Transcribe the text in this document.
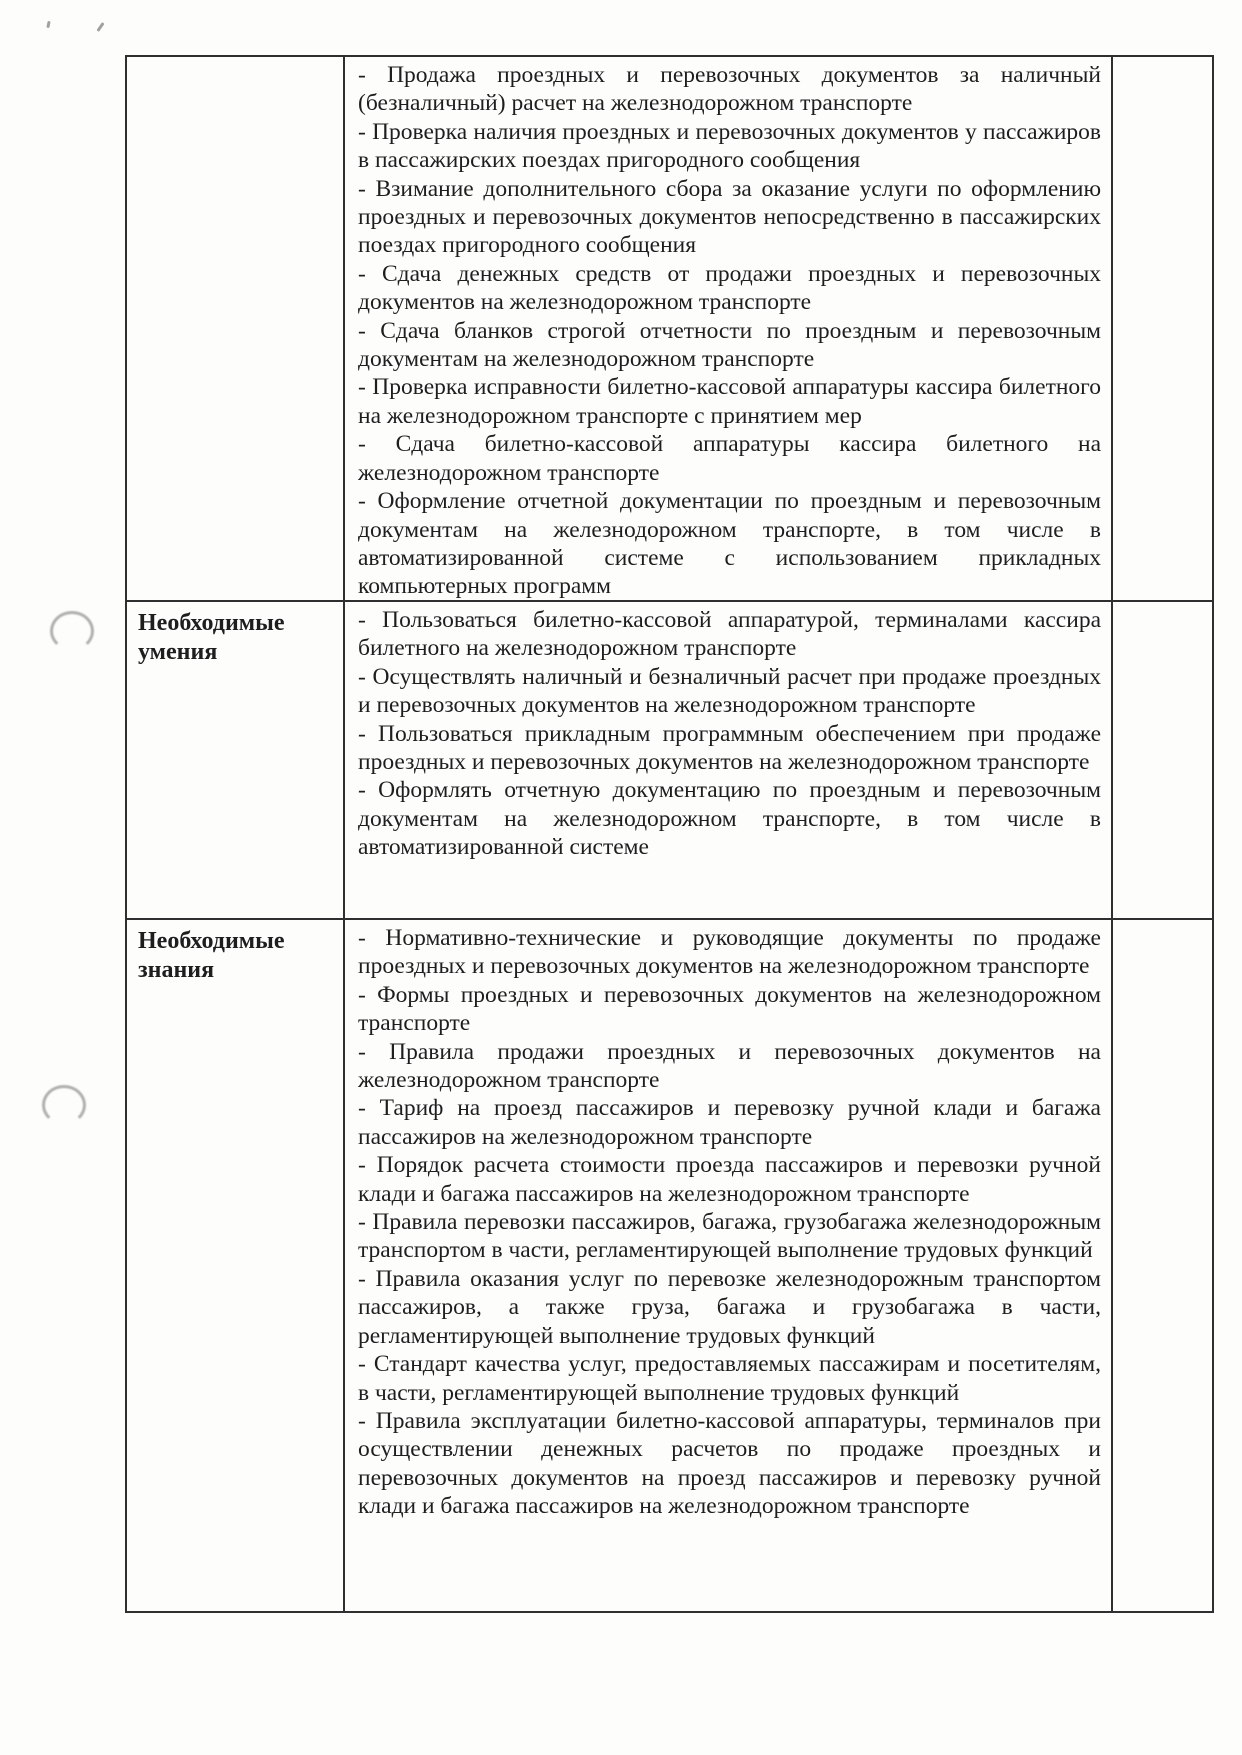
- Продажа проездных и перевозочных документов за наличный (безналичный) расчет на железнодорожном транспорте

- Проверка наличия проездных и перевозочных документов у пассажиров в пассажирских поездах пригородного сообщения

- Взимание дополнительного сбора за оказание услуги по оформлению проездных и перевозочных документов непосредственно в пассажирских поездах пригородного сообщения

- Сдача денежных средств от продажи проездных и перевозочных документов на железнодорожном транспорте

- Сдача бланков строгой отчетности по проездным и перевозочным документам на железнодорожном транспорте

- Проверка исправности билетно-кассовой аппаратуры кассира билетного на железнодорожном транспорте с принятием мер

- Сдача билетно-кассовой аппаратуры кассира билетного на железнодорожном транспорте

- Оформление отчетной документации по проездным и перевозочным документам на железнодорожном транспорте, в том числе в автоматизированной системе с использованием прикладных компьютерных программ

Необходимые умения

- Пользоваться билетно-кассовой аппаратурой, терминалами кассира билетного на железнодорожном транспорте

- Осуществлять наличный и безналичный расчет при продаже проездных и перевозочных документов на железнодорожном транспорте

- Пользоваться прикладным программным обеспечением при продаже проездных и перевозочных документов на железнодорожном транспорте

- Оформлять отчетную документацию по проездным и перевозочным документам на железнодорожном транспорте, в том числе в автоматизированной системе

Необходимые знания

- Нормативно-технические и руководящие документы по продаже проездных и перевозочных документов на железнодорожном транспорте

- Формы проездных и перевозочных документов на железнодорожном транспорте

- Правила продажи проездных и перевозочных документов на железнодорожном транспорте

- Тариф на проезд пассажиров и перевозку ручной клади и багажа пассажиров на железнодорожном транспорте

- Порядок расчета стоимости проезда пассажиров и перевозки ручной клади и багажа пассажиров на железнодорожном транспорте

- Правила перевозки пассажиров, багажа, грузобагажа железнодорожным транспортом в части, регламентирующей выполнение трудовых функций

- Правила оказания услуг по перевозке железнодорожным транспортом пассажиров, а также груза, багажа и грузобагажа в части, регламентирующей выполнение трудовых функций

- Стандарт качества услуг, предоставляемых пассажирам и посетителям, в части, регламентирующей выполнение трудовых функций

- Правила эксплуатации билетно-кассовой аппаратуры, терминалов при осуществлении денежных расчетов по продаже проездных и перевозочных документов на проезд пассажиров и перевозку ручной клади и багажа пассажиров на железнодорожном транспорте
